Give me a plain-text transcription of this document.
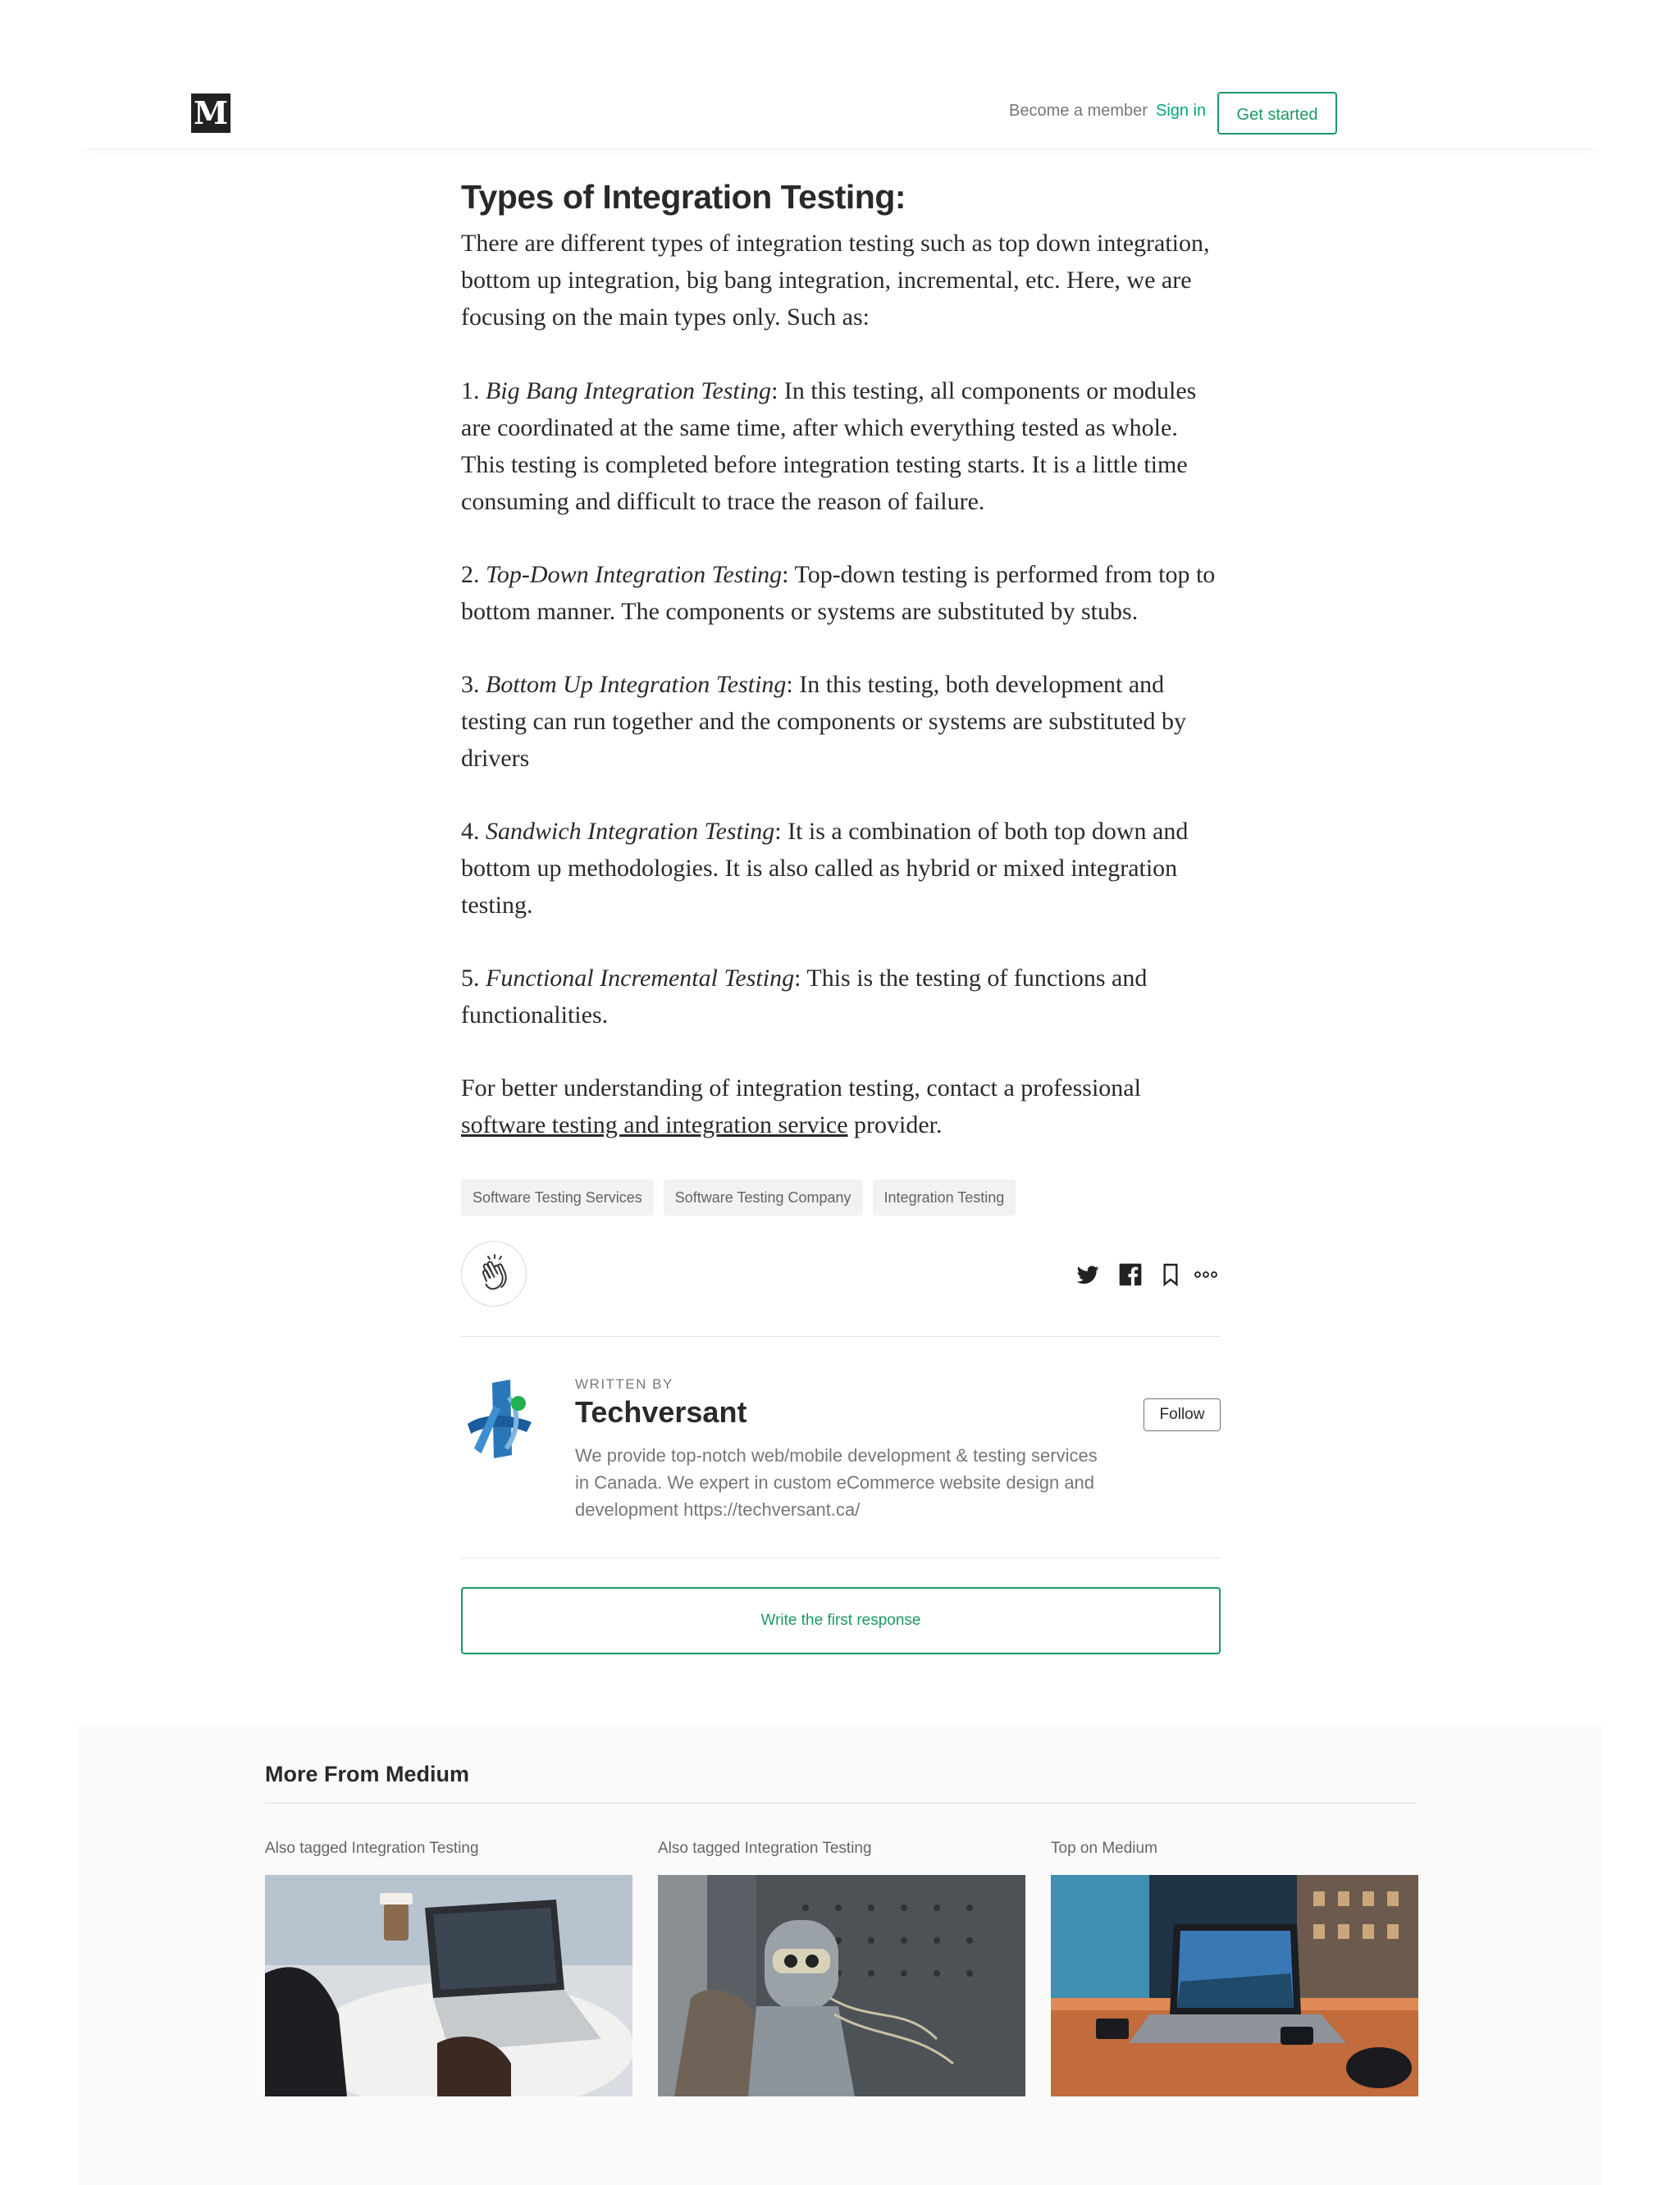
M	Become a member Sign in	Get started
Types of Integration Testing:

There are different types of integration testing such as top down integration, bottom up integration, big bang integration, incremental, etc. Here, we are focusing on the main types only. Such as:

1. Big Bang Integration Testing: In this testing, all components or modules are coordinated at the same time, after which everything tested as whole. This testing is completed before integration testing starts. It is a little time consuming and difficult to trace the reason of failure.

2. Top-Down Integration Testing: Top-down testing is performed from top to bottom manner. The components or systems are substituted by stubs.

3. Bottom Up Integration Testing: In this testing, both development and testing can run together and the components or systems are substituted by drivers

4. Sandwich Integration Testing: It is a combination of both top down and bottom up methodologies. It is also called as hybrid or mixed integration testing.

5. Functional Incremental Testing: This is the testing of functions and functionalities.

For better understanding of integration testing, contact a professional software testing and integration service provider.

Software Testing Services	Software Testing Company	Integration Testing
WRITTEN BY
Techversant	Follow
We provide top-notch web/mobile development & testing services in Canada. We expert in custom eCommerce website design and development https://techversant.ca/
Write the first response
More From Medium
Also tagged Integration Testing	Also tagged Integration Testing	Top on Medium
